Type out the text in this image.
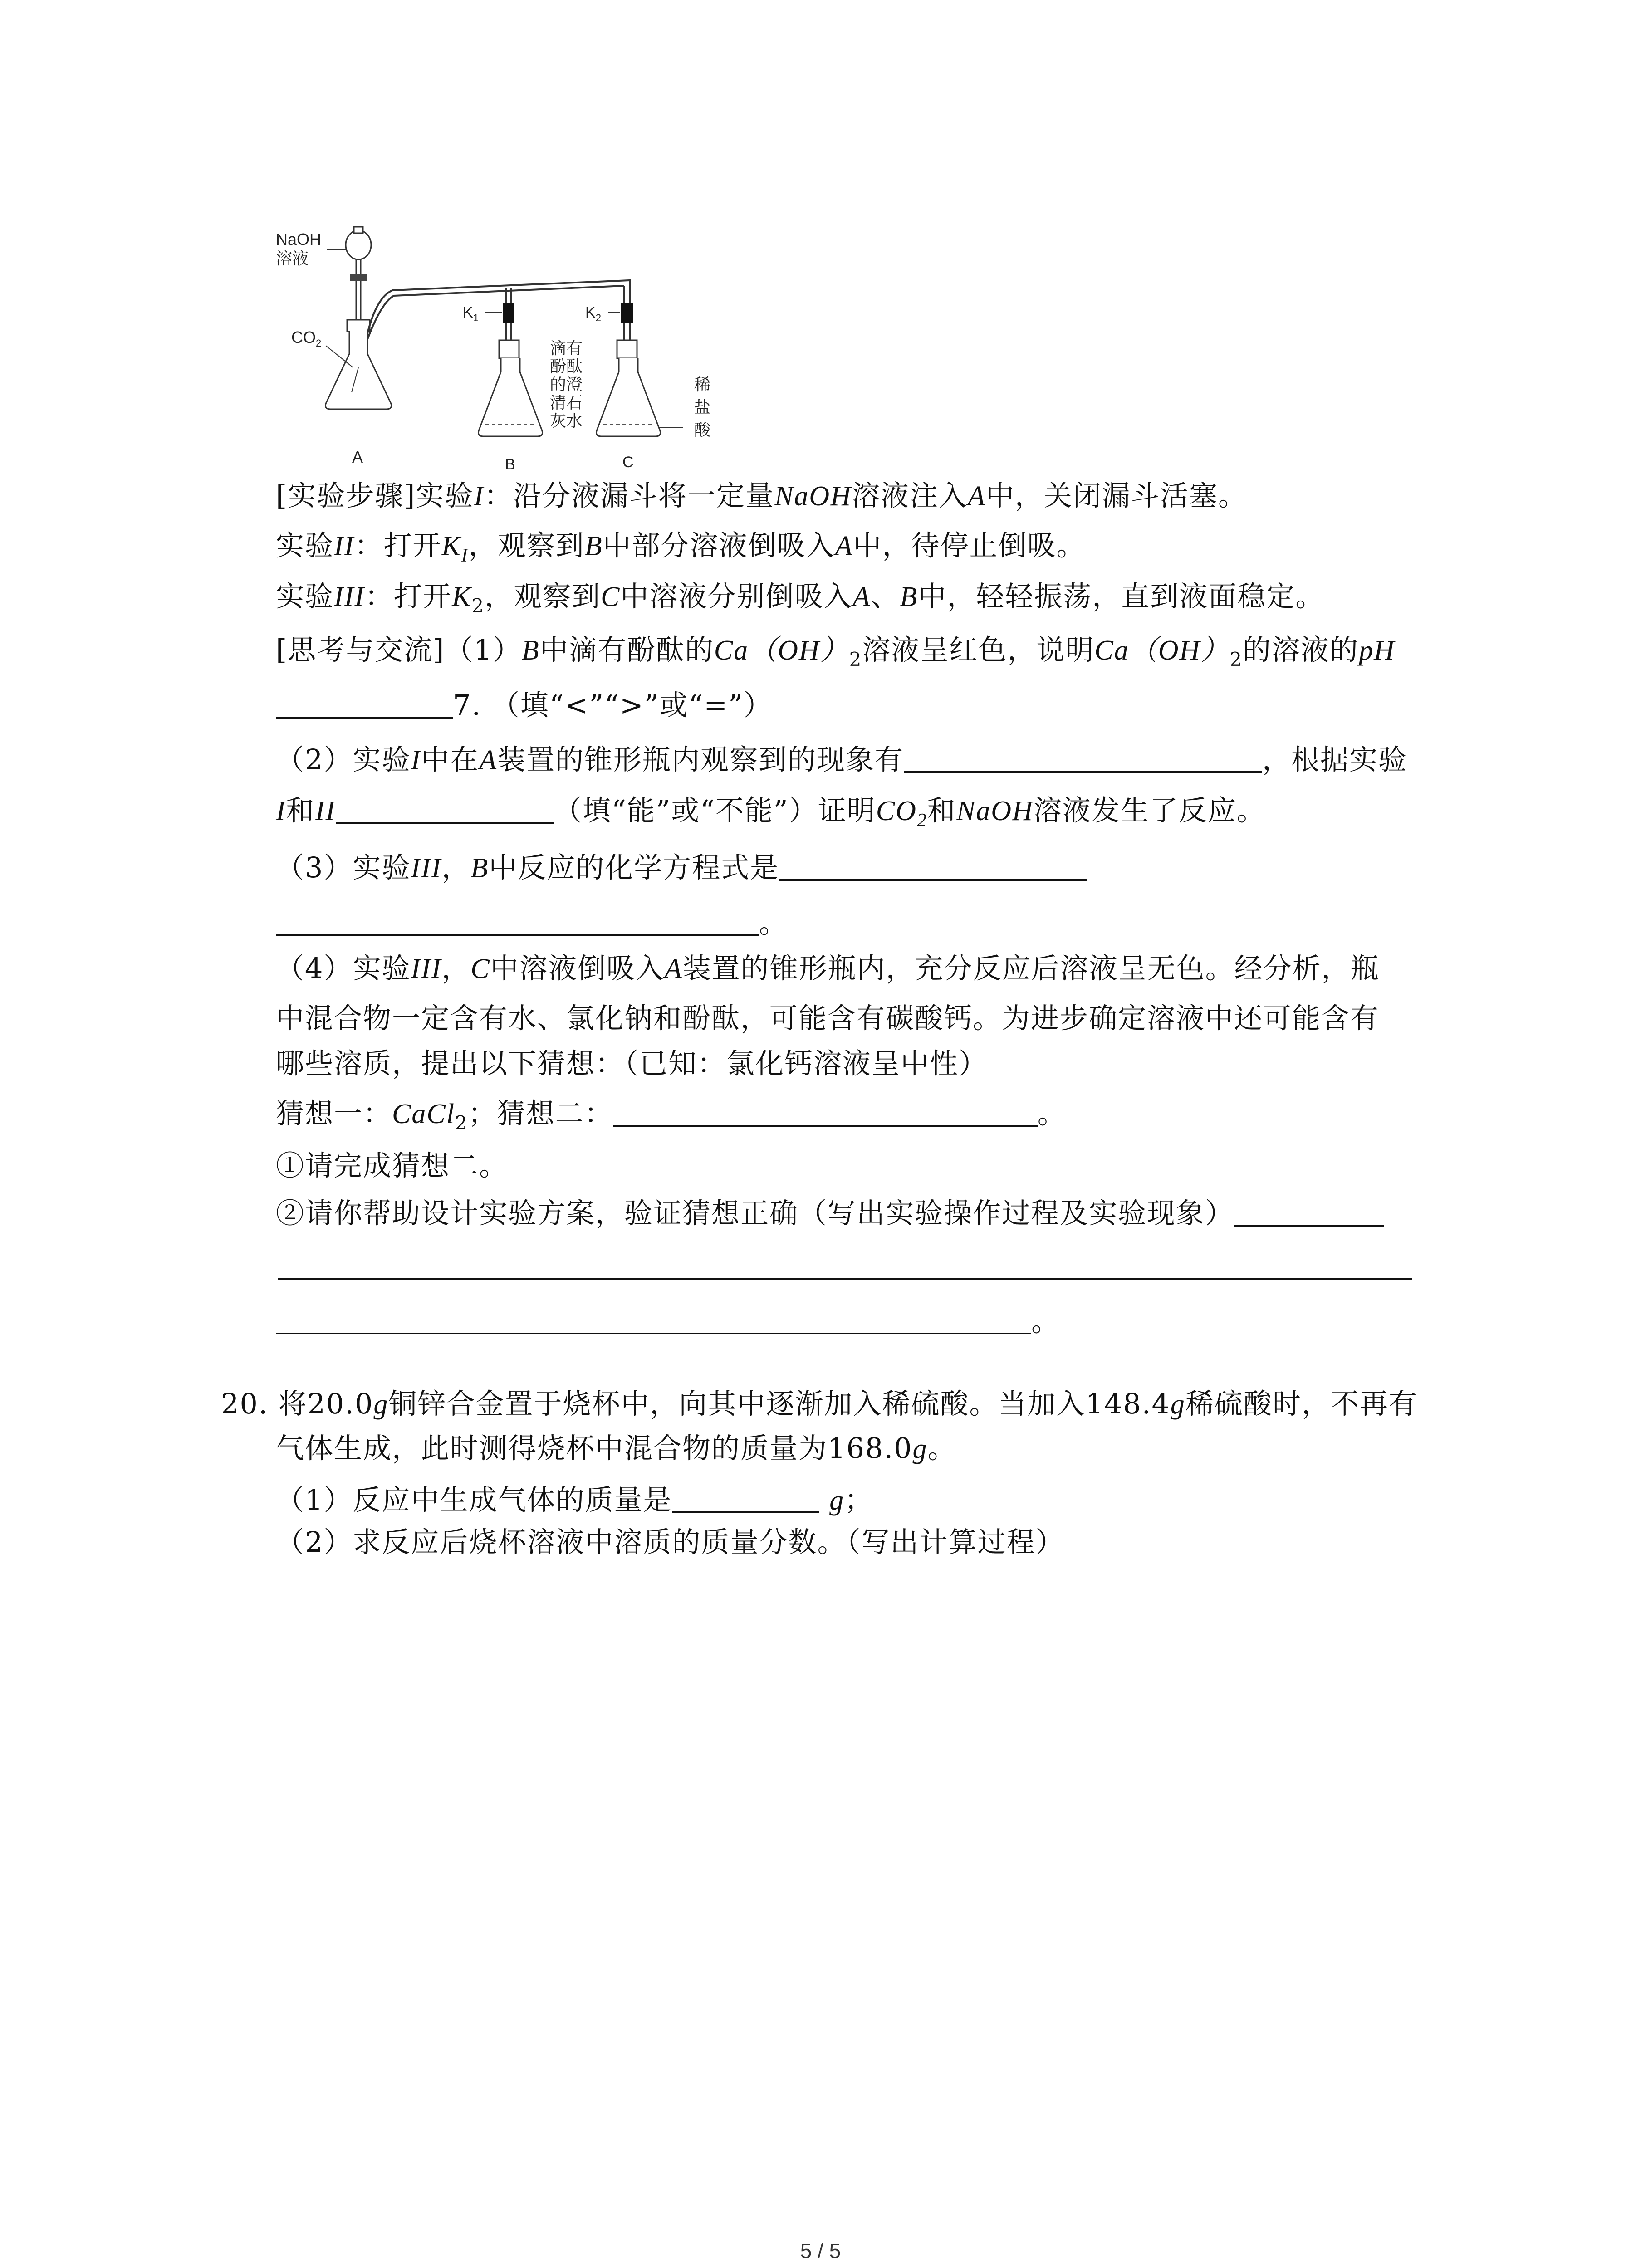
NaOH
溶液
$CO_2$
$K_1$	$K_2$
滴有
酚酞
的澄
清石
灰水
稀
盐
酸
A	B	C
[实验步骤]实验I：沿分液漏斗将一定量NaOH溶液注入A中，关闭漏斗活塞。
实验II：打开$K_I$，观察到B中部分溶液倒吸入A中，待停止倒吸。
实验III：打开$K_2$，观察到C中溶液分别倒吸入A、B中，轻轻振荡，直到液面稳定。
[思考与交流]（1）B中滴有酚酞的$Ca(OH)_2$溶液呈红色，说明$Ca(OH)_2$的溶液的pH
7. （填“<”“>”或“=”）
（2）实验I中在A装置的锥形瓶内观察到的现象有	，根据实验
I和II	（填“能”或“不能”）证明$CO_2$和NaOH溶液发生了反应。
（3）实验III，B中反应的化学方程式是
。
（4）实验III，C中溶液倒吸入A装置的锥形瓶内，充分反应后溶液呈无色。经分析，瓶
中混合物一定含有水、氯化钠和酚酞，可能含有碳酸钙。为进步确定溶液中还可能含有
哪些溶质，提出以下猜想：（已知：氯化钙溶液呈中性）
猜想一：CaCl$_2$；猜想二：	。
①请完成猜想二。
②请你帮助设计实验方案，验证猜想正确（写出实验操作过程及实验现象）
。
20. 将20.0g铜锌合金置于烧杯中，向其中逐渐加入稀硫酸。当加入148.4g稀硫酸时，不再有
气体生成，此时测得烧杯中混合物的质量为168.0g。
（1）反应中生成气体的质量是	g；
（2）求反应后烧杯溶液中溶质的质量分数。（写出计算过程）
5 / 5
